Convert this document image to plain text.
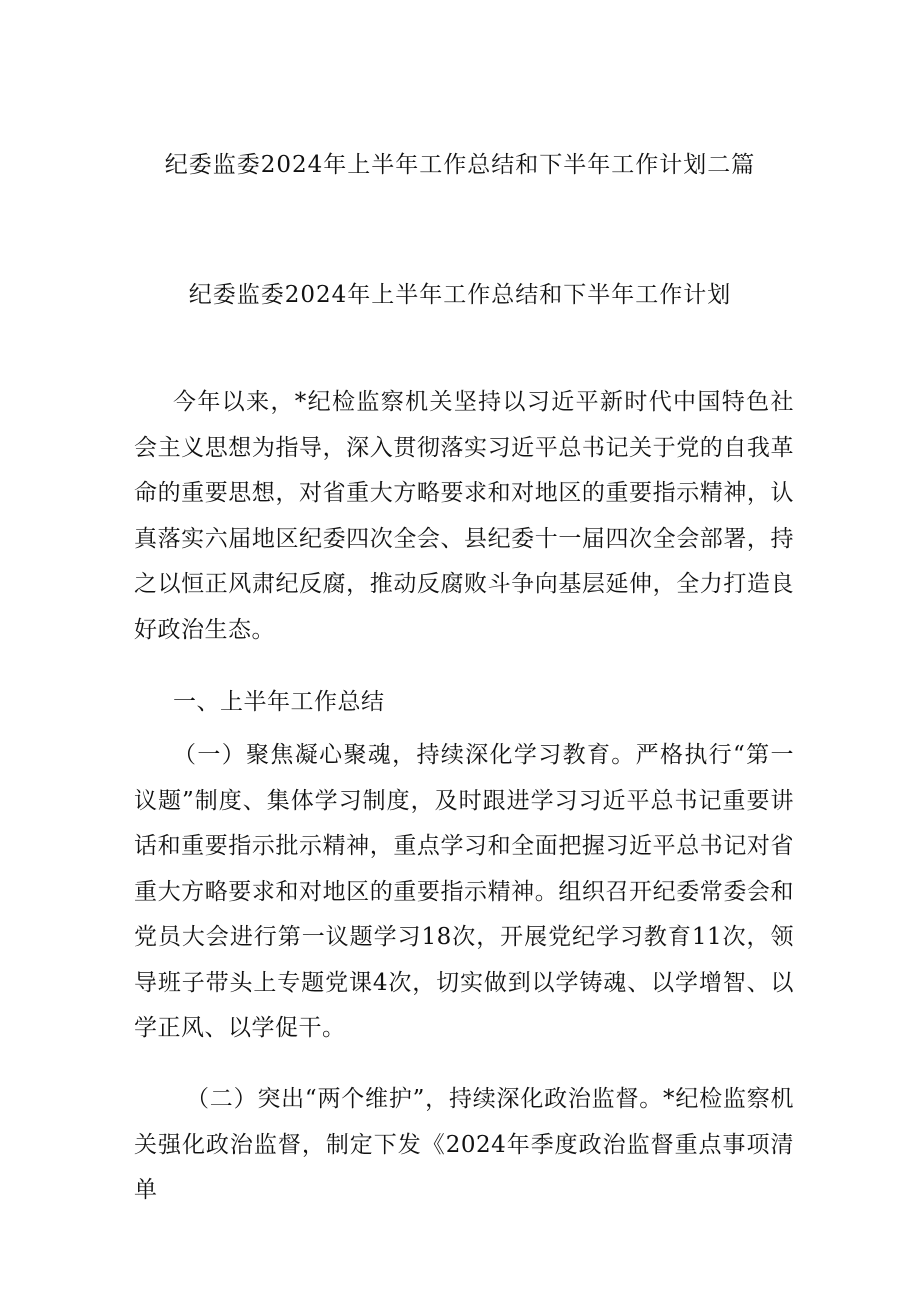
纪委监委2024年上半年工作总结和下半年工作计划二篇
纪委监委2024年上半年工作总结和下半年工作计划

今年以来，*纪检监察机关坚持以习近平新时代中国特色社会主义思想为指导，深入贯彻落实习近平总书记关于党的自我革命的重要思想，对省重大方略要求和对地区的重要指示精神，认真落实六届地区纪委四次全会、县纪委十一届四次全会部署，持之以恒正风肃纪反腐，推动反腐败斗争向基层延伸，全力打造良好政治生态。

一、上半年工作总结

（一）聚焦凝心聚魂，持续深化学习教育。严格执行“第一议题”制度、集体学习制度，及时跟进学习习近平总书记重要讲话和重要指示批示精神，重点学习和全面把握习近平总书记对省重大方略要求和对地区的重要指示精神。组织召开纪委常委会和党员大会进行第一议题学习18次，开展党纪学习教育11次，领导班子带头上专题党课4次，切实做到以学铸魂、以学增智、以学正风、以学促干。

（二）突出“两个维护”，持续深化政治监督。*纪检监察机关强化政治监督，制定下发《2024年季度政治监督重点事项清单
